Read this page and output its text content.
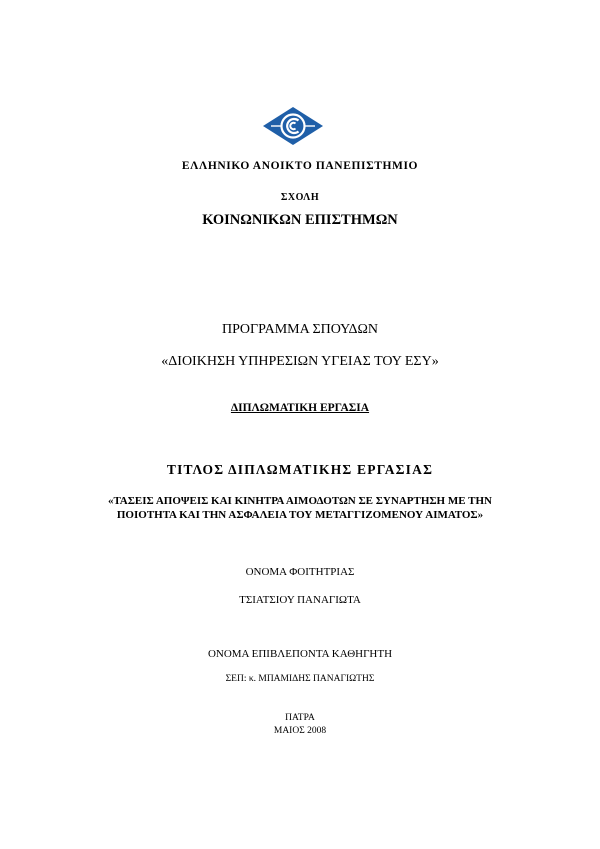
ΕΛΛΗΝΙΚΟ ΑΝΟΙΚΤΟ ΠΑΝΕΠΙΣΤΗΜΙΟ
ΣΧΟΛΗ
ΚΟΙΝΩΝΙΚΩΝ ΕΠΙΣΤΗΜΩΝ
ΠΡΟΓΡΑΜΜΑ ΣΠΟΥΔΩΝ
«ΔΙΟΙΚΗΣΗ ΥΠΗΡΕΣΙΩΝ ΥΓΕΙΑΣ ΤΟΥ ΕΣΥ»
ΔΙΠΛΩΜΑΤΙΚΗ ΕΡΓΑΣΙΑ
ΤΙΤΛΟΣ ΔΙΠΛΩΜΑΤΙΚΗΣ ΕΡΓΑΣΙΑΣ
«ΤΑΣΕΙΣ ΑΠΟΨΕΙΣ ΚΑΙ ΚΙΝΗΤΡΑ ΑΙΜΟΔΟΤΩΝ ΣΕ ΣΥΝΑΡΤΗΣΗ ΜΕ ΤΗΝ ΠΟΙΟΤΗΤΑ ΚΑΙ ΤΗΝ ΑΣΦΑΛΕΙΑ ΤΟΥ ΜΕΤΑΓΓΙΖΟΜΕΝΟΥ ΑΙΜΑΤΟΣ»
ΟΝΟΜΑ ΦΟΙΤΗΤΡΙΑΣ
ΤΣΙΑΤΣΙΟΥ ΠΑΝΑΓΙΩΤΑ
ΟΝΟΜΑ ΕΠΙΒΛΕΠΟΝΤΑ ΚΑΘΗΓΗΤΗ
ΣΕΠ: κ. ΜΠΑΜΙΔΗΣ ΠΑΝΑΓΙΩΤΗΣ
ΠΑΤΡΑ
ΜΑΙΟΣ 2008
